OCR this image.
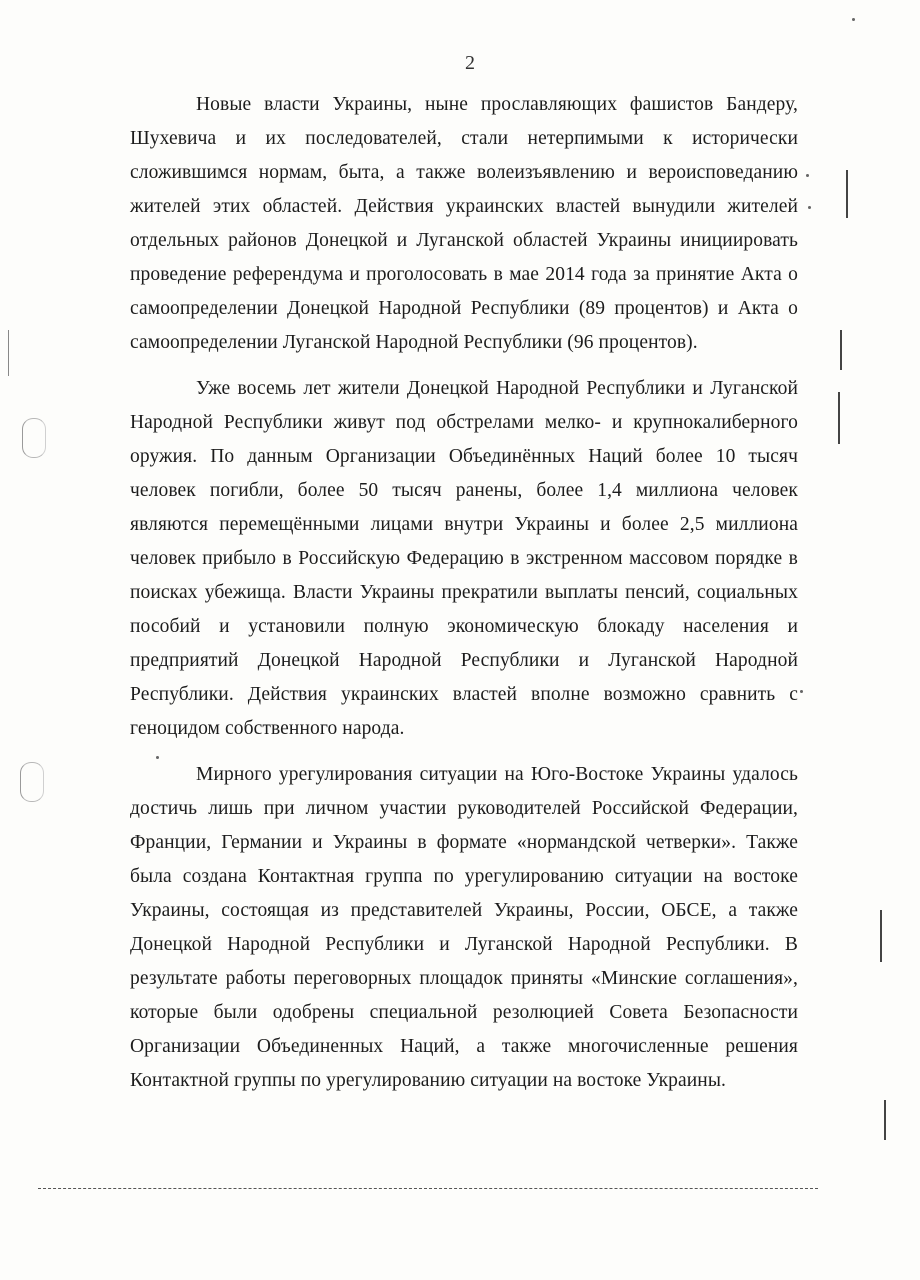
2

Новые власти Украины, ныне прославляющих фашистов Бандеру,
Шухевича и их последователей, стали нетерпимыми к исторически
сложившимся нормам, быта, а также волеизъявлению и вероисповеданию
жителей этих областей. Действия украинских властей вынудили жителей
отдельных районов Донецкой и Луганской областей Украины инициировать
проведение референдума и проголосовать в мае 2014 года за принятие Акта о
самоопределении Донецкой Народной Республики (89 процентов) и Акта о
самоопределении Луганской Народной Республики (96 процентов).

Уже восемь лет жители Донецкой Народной Республики и Луганской
Народной Республики живут под обстрелами мелко- и крупнокалиберного
оружия. По данным Организации Объединённых Наций более 10 тысяч
человек погибли, более 50 тысяч ранены, более 1,4 миллиона человек
являются перемещёнными лицами внутри Украины и более 2,5 миллиона
человек прибыло в Российскую Федерацию в экстренном массовом порядке в
поисках убежища. Власти Украины прекратили выплаты пенсий, социальных
пособий и установили полную экономическую блокаду населения и
предприятий Донецкой Народной Республики и Луганской Народной
Республики. Действия украинских властей вполне возможно сравнить с
геноцидом собственного народа.

Мирного урегулирования ситуации на Юго-Востоке Украины удалось
достичь лишь при личном участии руководителей Российской Федерации,
Франции, Германии и Украины в формате «нормандской четверки». Также
была создана Контактная группа по урегулированию ситуации на востоке
Украины, состоящая из представителей Украины, России, ОБСЕ, а также
Донецкой Народной Республики и Луганской Народной Республики. В
результате работы переговорных площадок приняты «Минские соглашения»,
которые были одобрены специальной резолюцией Совета Безопасности
Организации Объединенных Наций, а также многочисленные решения
Контактной группы по урегулированию ситуации на востоке Украины.
